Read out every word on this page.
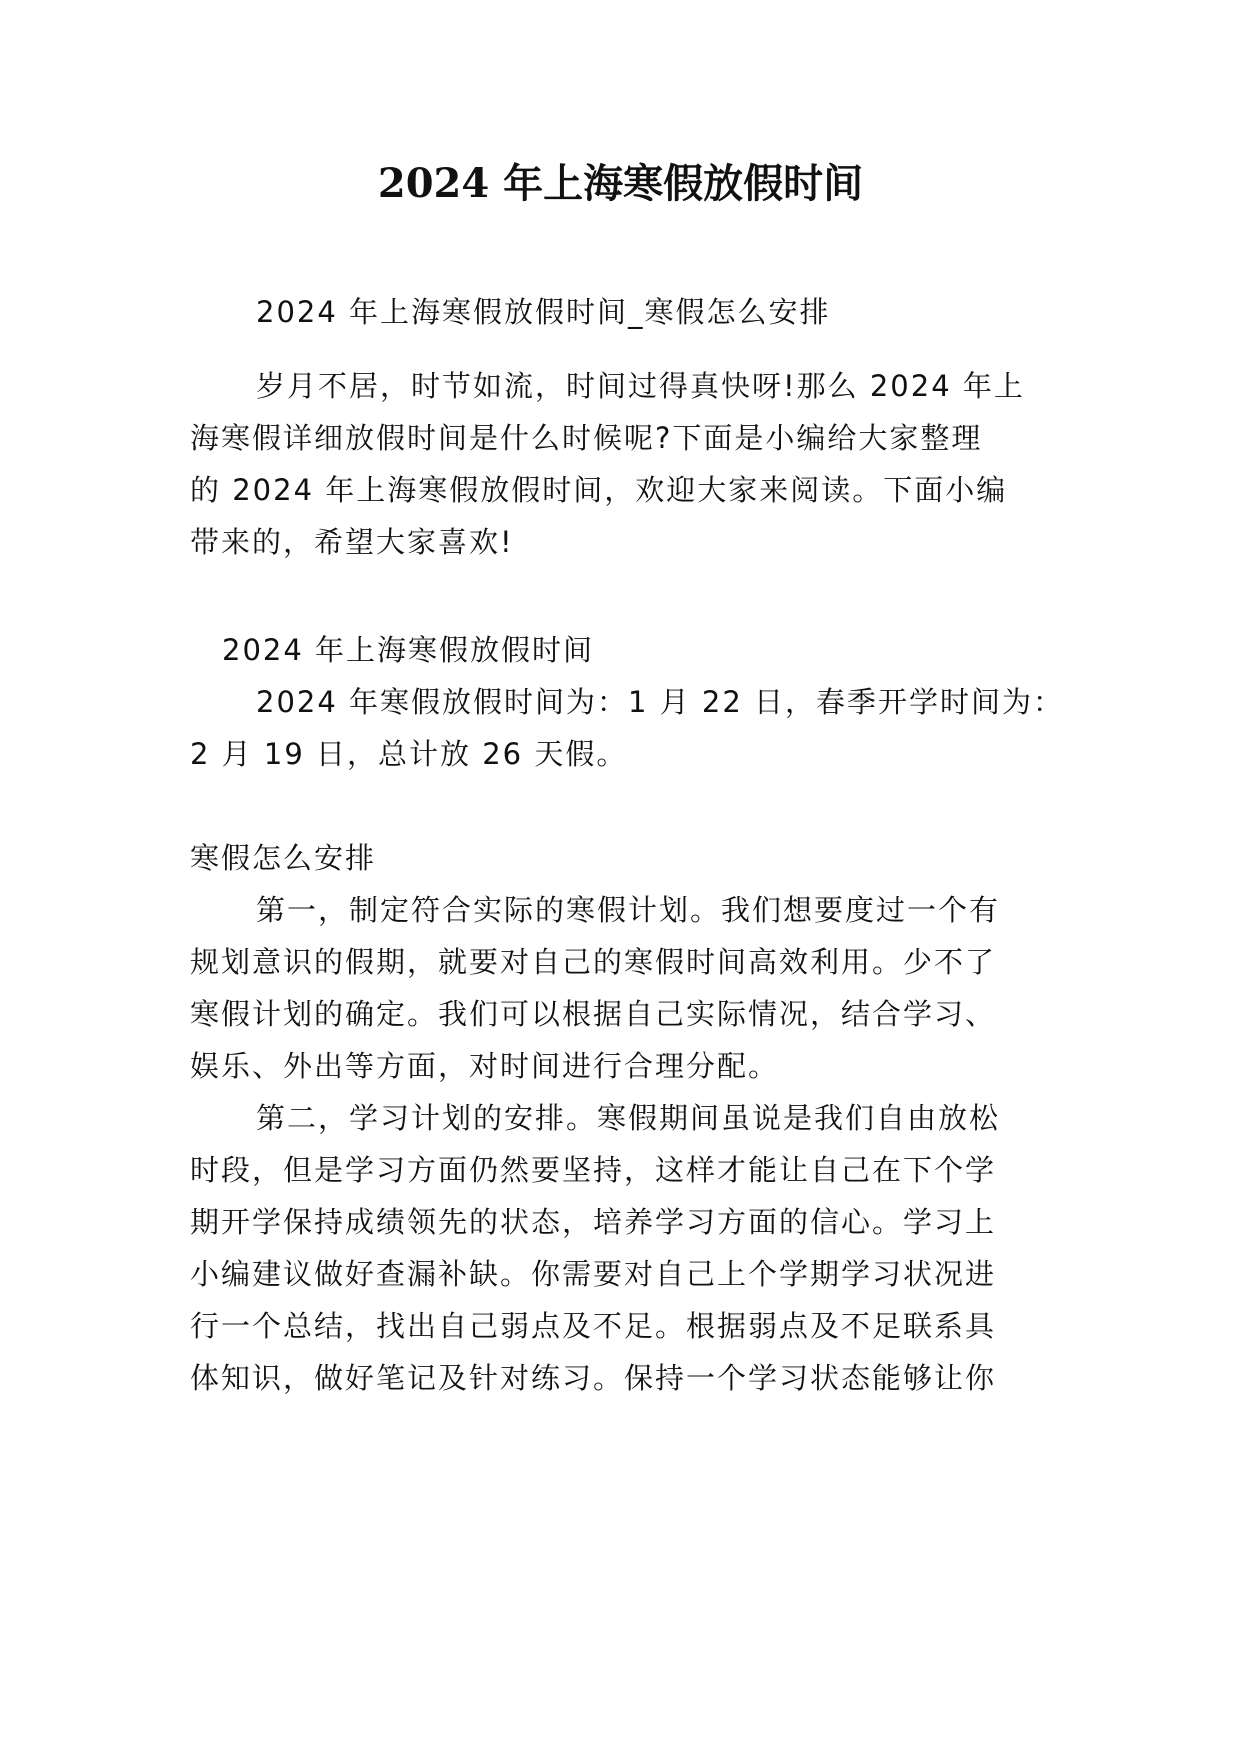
2024 年上海寒假放假时间
2024 年上海寒假放假时间_寒假怎么安排
岁月不居，时节如流，时间过得真快呀!那么 2024 年上
海寒假详细放假时间是什么时候呢?下面是小编给大家整理
的 2024 年上海寒假放假时间，欢迎大家来阅读。下面小编
带来的，希望大家喜欢!
2024 年上海寒假放假时间
2024 年寒假放假时间为：1 月 22 日，春季开学时间为：
2 月 19 日，总计放 26 天假。
寒假怎么安排
第一，制定符合实际的寒假计划。我们想要度过一个有
规划意识的假期，就要对自己的寒假时间高效利用。少不了
寒假计划的确定。我们可以根据自己实际情况，结合学习、
娱乐、外出等方面，对时间进行合理分配。
第二，学习计划的安排。寒假期间虽说是我们自由放松
时段，但是学习方面仍然要坚持，这样才能让自己在下个学
期开学保持成绩领先的状态，培养学习方面的信心。学习上
小编建议做好查漏补缺。你需要对自己上个学期学习状况进
行一个总结，找出自己弱点及不足。根据弱点及不足联系具
体知识，做好笔记及针对练习。保持一个学习状态能够让你
